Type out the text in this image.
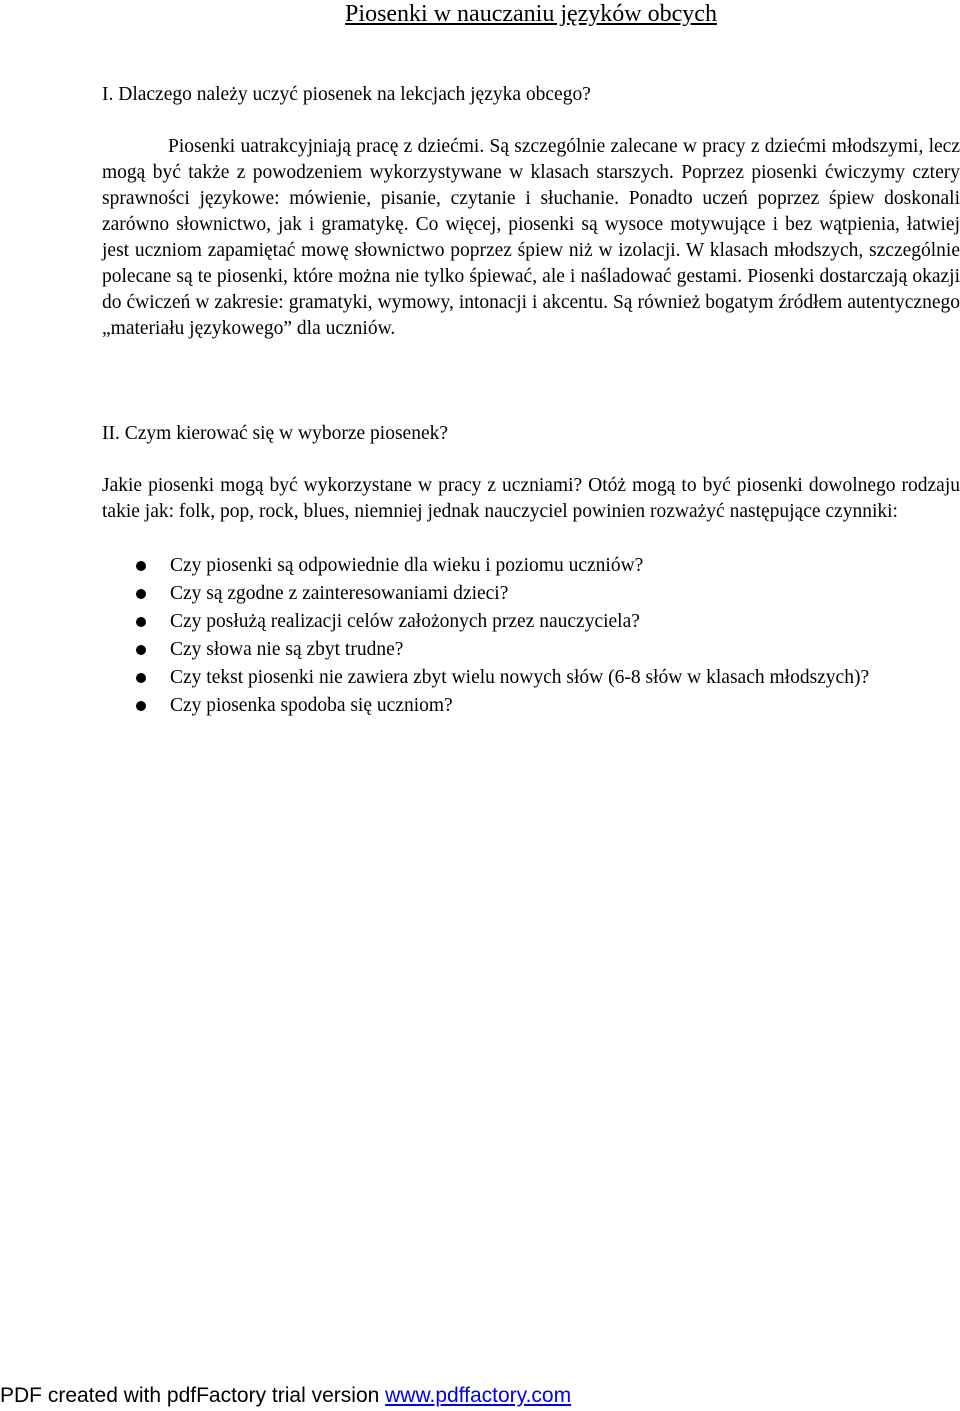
Piosenki w nauczaniu języków obcych
I. Dlaczego należy uczyć piosenek na lekcjach języka obcego?

Piosenki uatrakcyjniają pracę z dziećmi. Są szczególnie zalecane w pracy z dziećmi młodszymi, lecz mogą być także z powodzeniem wykorzystywane w klasach starszych. Poprzez piosenki ćwiczymy cztery sprawności językowe: mówienie, pisanie, czytanie i słuchanie. Ponadto uczeń poprzez śpiew doskonali zarówno słownictwo, jak i gramatykę. Co więcej, piosenki są wysoce motywujące i bez wątpienia, łatwiej jest uczniom zapamiętać mowę słownictwo poprzez śpiew niż w izolacji. W klasach młodszych, szczególnie polecane są te piosenki, które można nie tylko śpiewać, ale i naśladować gestami. Piosenki dostarczają okazji do ćwiczeń w zakresie: gramatyki, wymowy, intonacji i akcentu. Są również bogatym źródłem autentycznego „materiału językowego” dla uczniów.

II. Czym kierować się w wyborze piosenek?

Jakie piosenki mogą być wykorzystane w pracy z uczniami? Otóż mogą to być piosenki dowolnego rodzaju takie jak: folk, pop, rock, blues, niemniej jednak nauczyciel powinien rozważyć następujące czynniki:

Czy piosenki są odpowiednie dla wieku i poziomu uczniów?
Czy są zgodne z zainteresowaniami dzieci?
Czy posłużą realizacji celów założonych przez nauczyciela?
Czy słowa nie są zbyt trudne?
Czy tekst piosenki nie zawiera zbyt wielu nowych słów (6-8 słów w klasach młodszych)?
Czy piosenka spodoba się uczniom?
PDF created with pdfFactory trial version www.pdffactory.com
